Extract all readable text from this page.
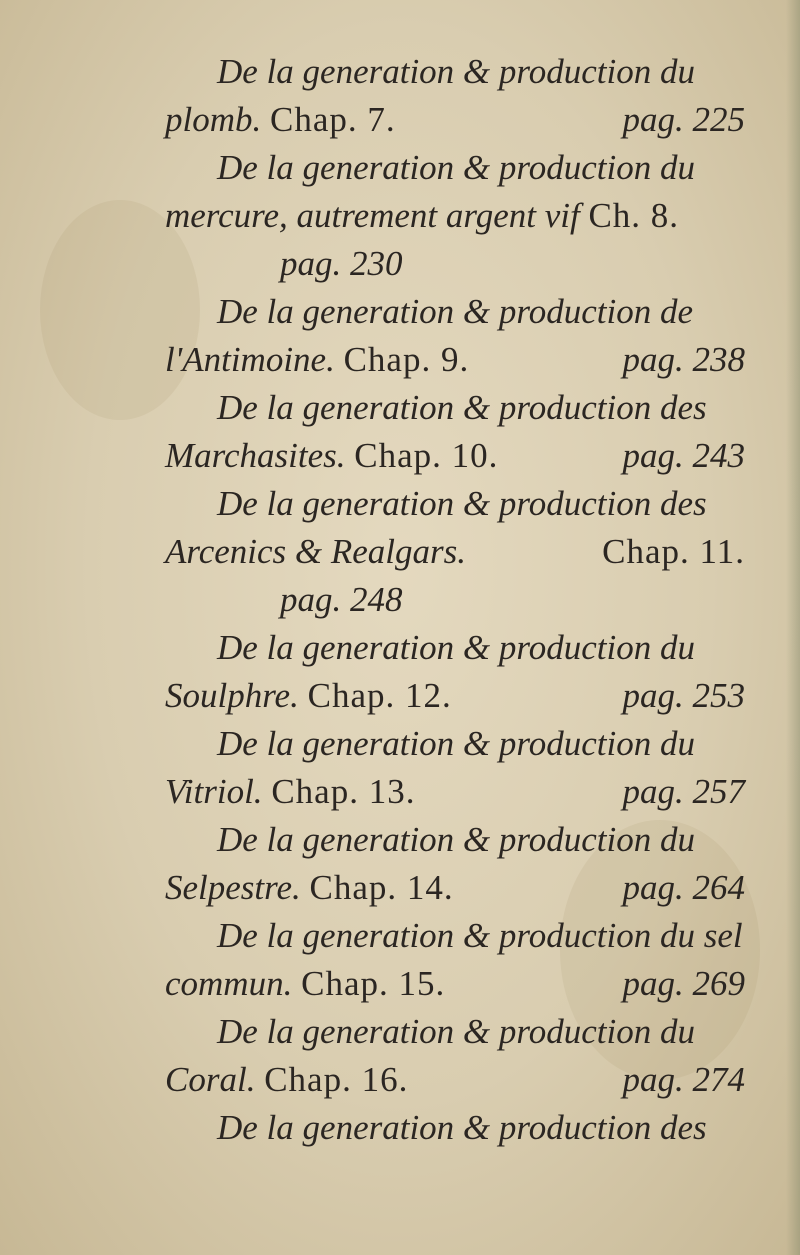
De la generation & production du
plomb. Chap. 7.	pag. 225
De la generation & production du
mercure, autrement argent vif Ch. 8.
pag. 230
De la generation & production de
l'Antimoine. Chap. 9.	pag. 238
De la generation & production des
Marchasites. Chap. 10.	pag. 243
De la generation & production des
Arcenics & Realgars.	Chap. 11.
pag. 248
De la generation & production du
Soulphre. Chap. 12.	pag. 253
De la generation & production du
Vitriol. Chap. 13.	pag. 257
De la generation & production du
Selpestre. Chap. 14.	pag. 264
De la generation & production du sel
commun. Chap. 15.	pag. 269
De la generation & production du
Coral. Chap. 16.	pag. 274
De la generation & production des
